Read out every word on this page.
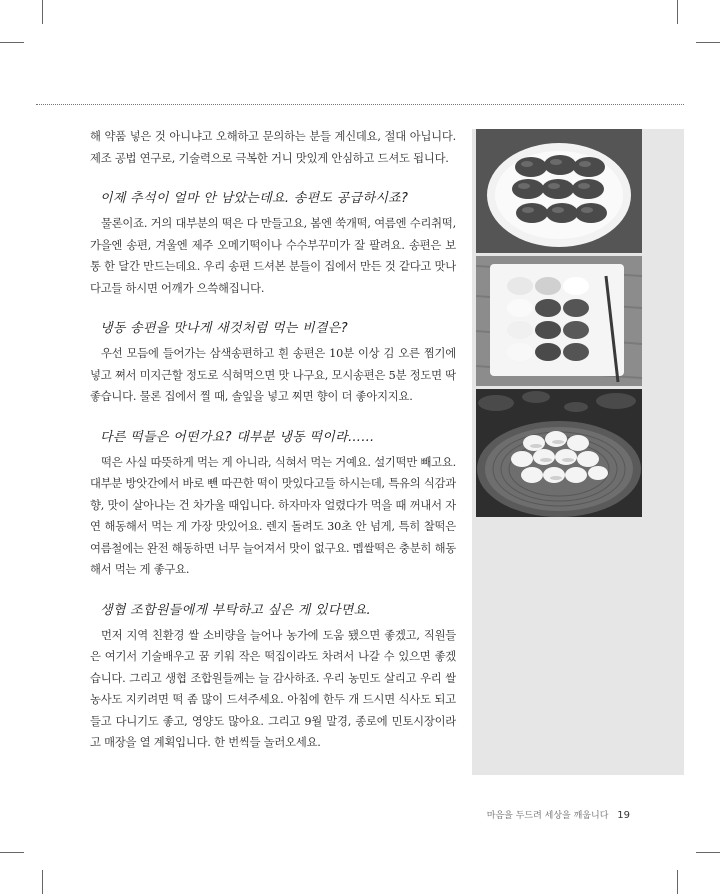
해 약품 넣은 것 아니냐고 오해하고 문의하는 분들 계신데요, 절대 아닙니다. 제조 공법 연구로, 기술력으로 극복한 거니 맛있게 안심하고 드셔도 됩니다.

이제 추석이 얼마 안 남았는데요. 송편도 공급하시죠?

물론이죠. 거의 대부분의 떡은 다 만들고요, 봄엔 쑥개떡, 여름엔 수리취떡, 가을엔 송편, 겨울엔 제주 오메기떡이나 수수부꾸미가 잘 팔려요. 송편은 보통 한 달간 만드는데요. 우리 송편 드셔본 분들이 집에서 만든 것 같다고 맛나다고들 하시면 어깨가 으쓱해집니다.

냉동 송편을 맛나게 새것처럼 먹는 비결은?

우선 모듬에 들어가는 삼색송편하고 흰 송편은 10분 이상 김 오른 찜기에 넣고 쪄서 미지근할 정도로 식혀먹으면 맛 나구요, 모시송편은 5분 정도면 딱 좋습니다. 물론 집에서 찔 때, 솔잎을 넣고 찌면 향이 더 좋아지지요.

다른 떡들은 어떤가요? 대부분 냉동 떡이라……

떡은 사실 따뜻하게 먹는 게 아니라, 식혀서 먹는 거예요. 설기떡만 빼고요. 대부분 방앗간에서 바로 뺀 따끈한 떡이 맛있다고들 하시는데, 특유의 식감과 향, 맛이 살아나는 건 차가울 때입니다. 하자마자 얼렸다가 먹을 때 꺼내서 자연 해동해서 먹는 게 가장 맛있어요. 렌지 돌려도 30초 안 넘게, 특히 찰떡은 여름철에는 완전 해동하면 너무 늘어져서 맛이 없구요. 멥쌀떡은 충분히 해동해서 먹는 게 좋구요.

생협 조합원들에게 부탁하고 싶은 게 있다면요.

먼저 지역 친환경 쌀 소비량을 늘어나 농가에 도움 됐으면 좋겠고, 직원들은 여기서 기술배우고 꿈 키워 작은 떡집이라도 차려서 나갈 수 있으면 좋겠습니다. 그리고 생협 조합원들께는 늘 감사하죠. 우리 농민도 살리고 우리 쌀농사도 지키려면 떡 좀 많이 드셔주세요. 아침에 한두 개 드시면 식사도 되고 들고 다니기도 좋고, 영양도 많아요. 그리고 9월 말경, 종로에 민토시장이라고 매장을 열 계획입니다. 한 번씩들 놀러오세요.

마음을 두드려 세상을 깨웁니다 19
